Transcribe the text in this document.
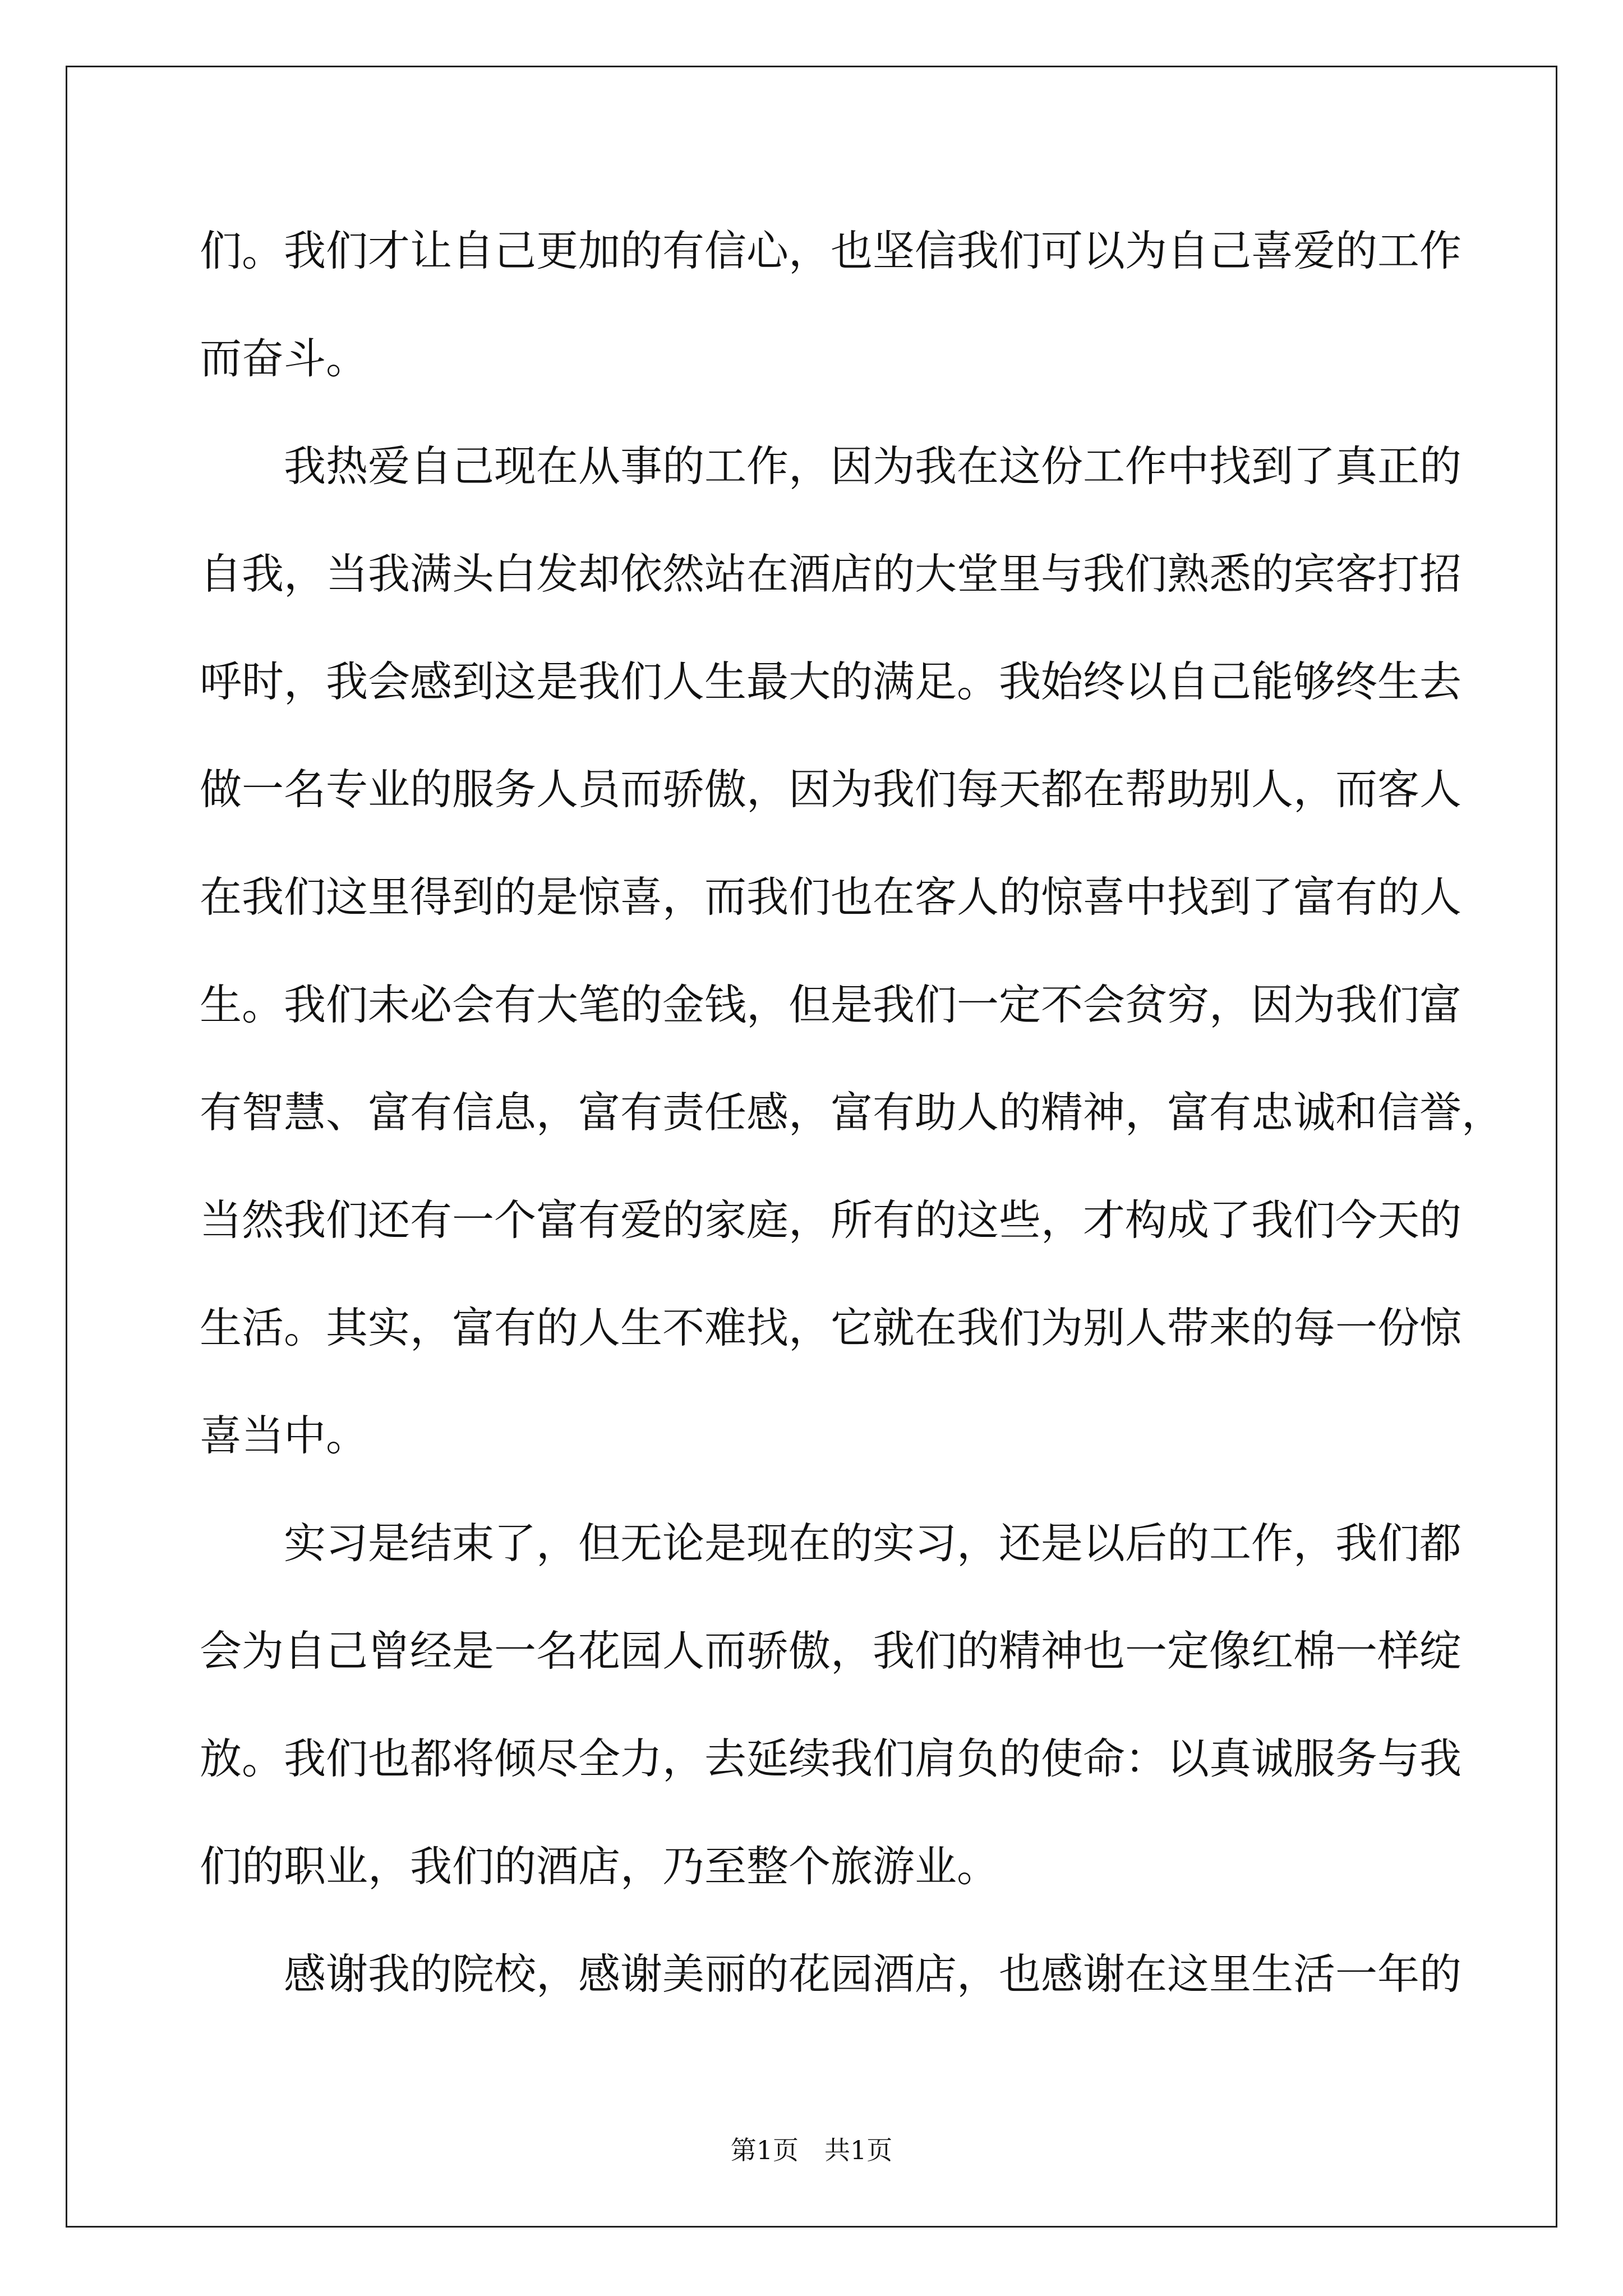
们。我们才让自己更加的有信心，也坚信我们可以为自己喜爱的工作
而奋斗。
　　我热爱自己现在从事的工作，因为我在这份工作中找到了真正的
自我，当我满头白发却依然站在酒店的大堂里与我们熟悉的宾客打招
呼时，我会感到这是我们人生最大的满足。我始终以自己能够终生去
做一名专业的服务人员而骄傲，因为我们每天都在帮助别人，而客人
在我们这里得到的是惊喜，而我们也在客人的惊喜中找到了富有的人
生。我们未必会有大笔的金钱，但是我们一定不会贫穷，因为我们富
有智慧、富有信息，富有责任感，富有助人的精神，富有忠诚和信誉，
当然我们还有一个富有爱的家庭，所有的这些，才构成了我们今天的
生活。其实，富有的人生不难找，它就在我们为别人带来的每一份惊
喜当中。
　　实习是结束了，但无论是现在的实习，还是以后的工作，我们都
会为自己曾经是一名花园人而骄傲，我们的精神也一定像红棉一样绽
放。我们也都将倾尽全力，去延续我们肩负的使命：以真诚服务与我
们的职业，我们的酒店，乃至整个旅游业。
　　感谢我的院校，感谢美丽的花园酒店，也感谢在这里生活一年的
第1页　共1页
